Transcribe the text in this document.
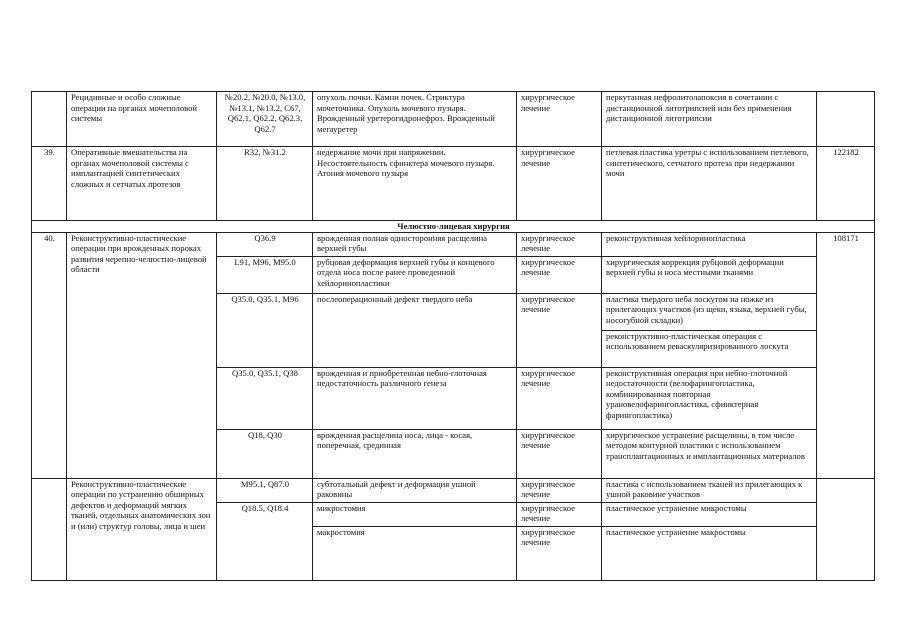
	Рецидивные и особо сложные операции на органах мочеполовой системы	№20.2, №20.0, №13.0, №13.1, №13.2, С67, Q62.1, Q62.2, Q62.3, Q62.7	опухоль почки. Камни почек. Стриктура мочеточника. Опухоль мочевого пузыря. Врожденный уретерогидронефроз. Врожденный мегауретер	хирургическое лечение	перкутанная нефролитолапоксия в сочетании с дистанционной литотрипсией или без применения дистанционной литотрипсии	
39.	Оперативные вмешательства на органах мочеполовой системы с имплантацией синтетических сложных и сетчатых протезов	R32, №31.2	недержание мочи при напряжении. Несостоятельность сфинктера мочевого пузыря. Атония мочевого пузыря	хирургическое лечение	петлевая пластика уретры с использованием петлевого, синтетического, сетчатого протеза при недержании мочи	122182
Челюстно-лицевая хирургия						
40.	Реконструктивно-пластические операции при врожденных пороках развития черепно-челюстно-лицевой области	Q36.9	врожденная полная односторонняя расщелина верхней губы	хирургическое лечение	реконструктивная хейлоринопластика	108171
		L91, M96, M95.0	рубцовая деформация верхней губы и концевого отдела носа после ранее проведенной хейлоринопластики	хирургическое лечение	хирургическая коррекция рубцовой деформации верхней губы и носа местными тканями	
		Q35.0, Q35.1, M96	послеоперационный дефект твердого неба	хирургическое лечение	пластика твердого неба лоскутом на ножке из прилегающих участков (из щеки, языка, верхней губы, носогубной складки)	
					реконструктивно-пластическая операция с использованием реваскуляризированного лоскута	
		Q35.0, Q35.1, Q38	врожденная и приобретенная небно-глоточная недостаточность различного генеза	хирургическое лечение	реконструктивная операция при небно-глоточной недостаточности (велофарингопластика, комбинированная повторная урановелофарингопластика, сфинктерная фарингопластика)	
		Q18, Q30	врожденная расщелина носа, лица - косая, поперечная, срединная	хирургическое лечение	хирургическое устранение расщелины, в том числе методом контурной пластики с использованием трансплантационных и имплантационных материалов	
	Реконструктивно-пластические операции по устранению обширных дефектов и деформаций мягких тканей, отдельных анатомических зон и (или) структур головы, лица и шеи	M95.1, Q87.0	субтотальный дефект и деформация ушной раковины	хирургическое лечение	пластика с использованием тканей из прилегающих к ушной раковине участков	
		Q18.5, Q18.4	микростомия	хирургическое лечение	пластическое устранение микростомы	
			макростомия	хирургическое лечение	пластическое устранение макростомы	
